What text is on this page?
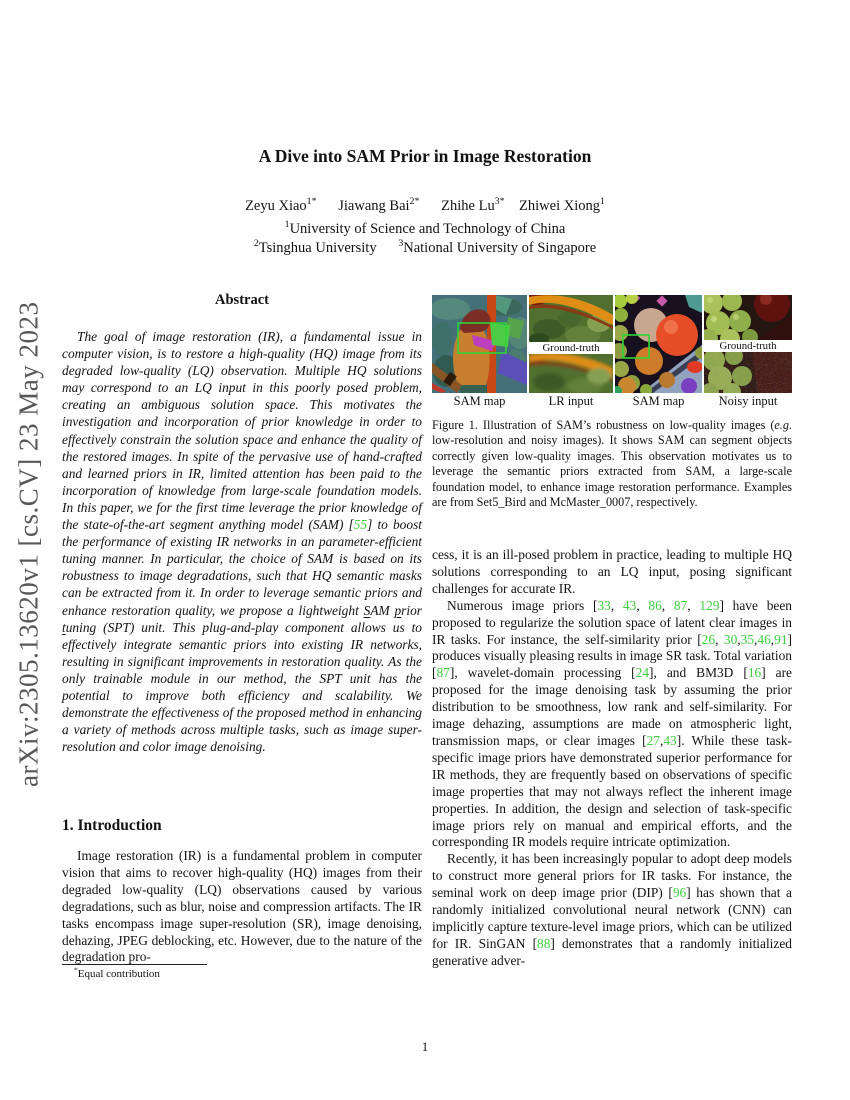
arXiv:2305.13620v1 [cs.CV] 23 May 2023
A Dive into SAM Prior in Image Restoration
Zeyu Xiao$^{1*}$   Jiawang Bai$^{2*}$   Zhihe $Lu^{3*}$   Zhiwei Xiong$^1$
$^1$University of Science and Technology of China
$^2$Tsinghua University   $^3$National University of Singapore
Abstract
The goal of image restoration (IR), a fundamental issue in computer vision, is to restore a high-quality (HQ) image from its degraded low-quality (LQ) observation. Multiple HQ solutions may correspond to an LQ input in this poorly posed problem, creating an ambiguous solution space. This motivates the investigation and incorporation of prior knowledge in order to effectively constrain the solution space and enhance the quality of the restored images. In spite of the pervasive use of hand-crafted and learned priors in IR, limited attention has been paid to the incorporation of knowledge from large-scale foundation models. In this paper, we for the first time leverage the prior knowledge of the state-of-the-art segment anything model (SAM) [55] to boost the performance of existing IR networks in an parameter-efficient tuning manner. In particular, the choice of SAM is based on its robustness to image degradations, such that HQ semantic masks can be extracted from it. In order to leverage semantic priors and enhance restoration quality, we propose a lightweight SAM prior tuning (SPT) unit. This plug-and-play component allows us to effectively integrate semantic priors into existing IR networks, resulting in significant improvements in restoration quality. As the only trainable module in our method, the SPT unit has the potential to improve both efficiency and scalability. We demonstrate the effectiveness of the proposed method in enhancing a variety of methods across multiple tasks, such as image super-resolution and color image denoising.
1. Introduction
Image restoration (IR) is a fundamental problem in computer vision that aims to recover high-quality (HQ) images from their degraded low-quality (LQ) observations caused by various degradations, such as blur, noise and compression artifacts. The IR tasks encompass image super-resolution (SR), image denoising, dehazing, JPEG deblocking, etc. However, due to the nature of the degradation pro-
*Equal contribution
Ground-truth	Ground-truth
SAM map	LR input	SAM map	Noisy input
Figure 1. Illustration of SAM’s robustness on low-quality images (e.g. low-resolution and noisy images). It shows SAM can segment objects correctly given low-quality images. This observation motivates us to leverage the semantic priors extracted from SAM, a large-scale foundation model, to enhance image restoration performance. Examples are from Set5_Bird and McMaster_0007, respectively.

cess, it is an ill-posed problem in practice, leading to multiple HQ solutions corresponding to an LQ input, posing significant challenges for accurate IR.

Numerous image priors [33, 43, 86, 87, 129] have been proposed to regularize the solution space of latent clear images in IR tasks. For instance, the self-similarity prior [26, 30,35,46,91] produces visually pleasing results in image SR task. Total variation [87], wavelet-domain processing [24], and BM3D [16] are proposed for the image denoising task by assuming the prior distribution to be smoothness, low rank and self-similarity. For image dehazing, assumptions are made on atmospheric light, transmission maps, or clear images [27,43]. While these task-specific image priors have demonstrated superior performance for IR methods, they are frequently based on observations of specific image properties that may not always reflect the inherent image properties. In addition, the design and selection of task-specific image priors rely on manual and empirical efforts, and the corresponding IR models require intricate optimization.

Recently, it has been increasingly popular to adopt deep models to construct more general priors for IR tasks. For instance, the seminal work on deep image prior (DIP) [96] has shown that a randomly initialized convolutional neural network (CNN) can implicitly capture texture-level image priors, which can be utilized for IR. SinGAN [88] demonstrates that a randomly initialized generative adver-

1
